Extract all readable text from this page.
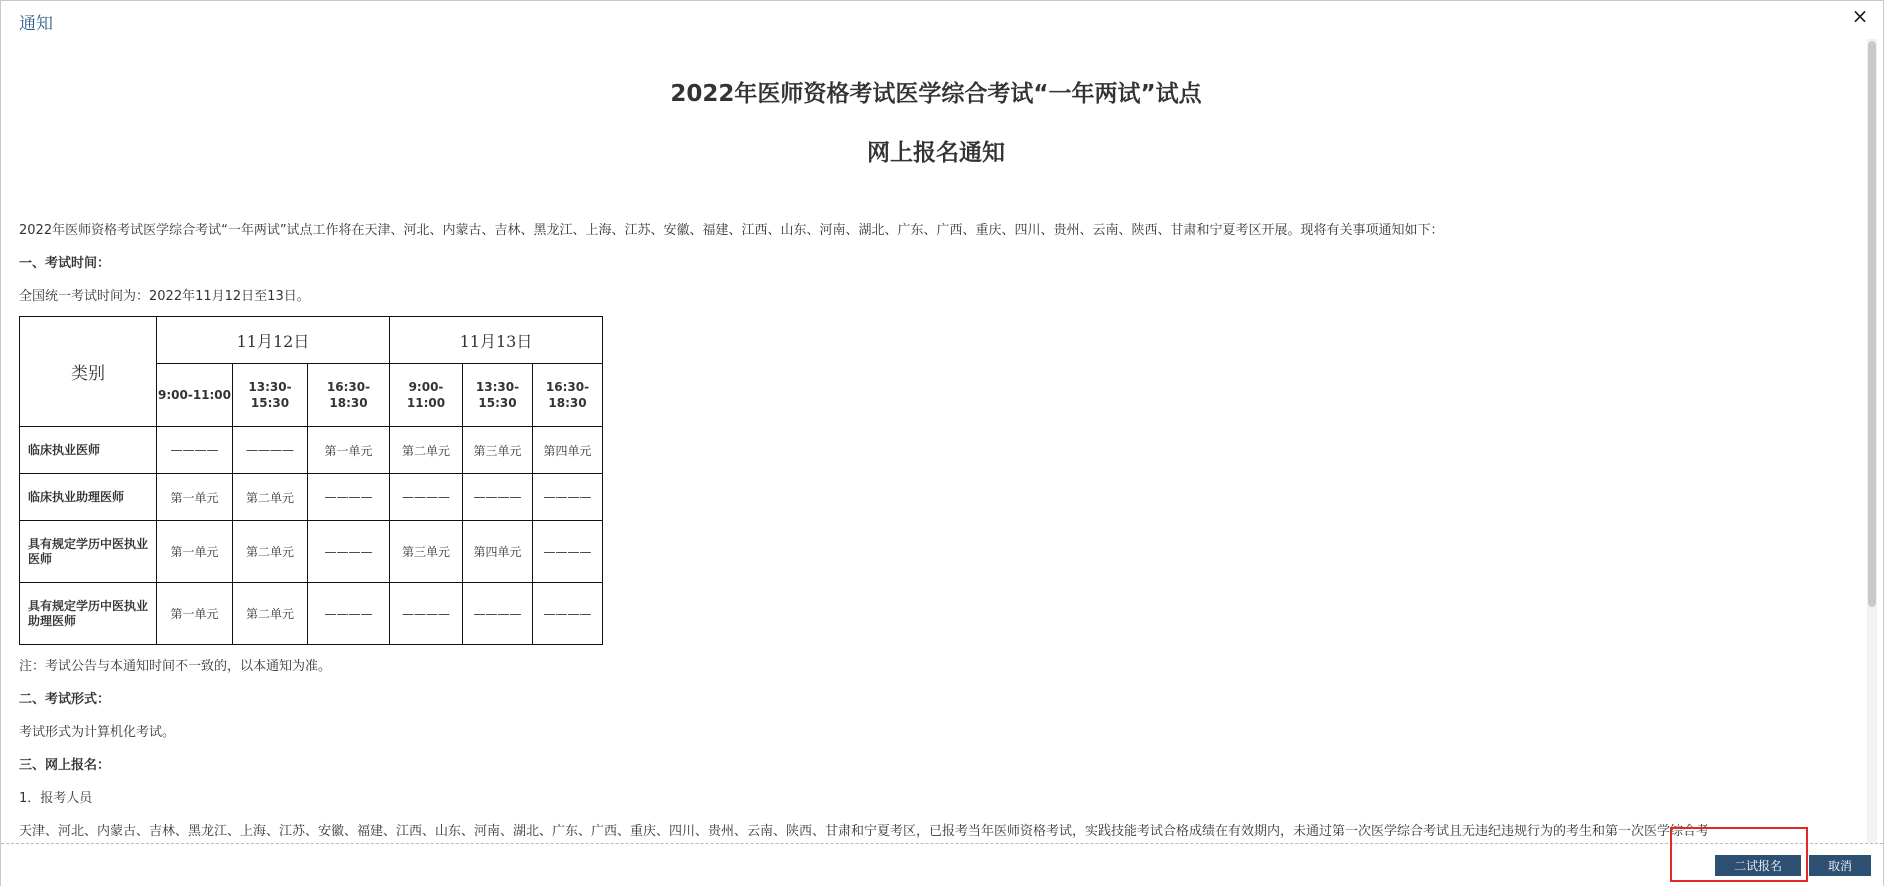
通知	×
2022年医师资格考试医学综合考试“一年两试”试点
网上报名通知

2022年医师资格考试医学综合考试“一年两试”试点工作将在天津、河北、内蒙古、吉林、黑龙江、上海、江苏、安徽、福建、江西、山东、河南、湖北、广东、广西、重庆、四川、贵州、云南、陕西、甘肃和宁夏考区开展。现将有关事项通知如下：

一、考试时间：

全国统一考试时间为：2022年11月12日至13日。

类别	11月12日			11月13日		
	9:00-11:00	13:30-
15:30	16:30-
18:30	9:00-
11:00	13:30-
15:30	16:30-
18:30
临床执业医师	————	————	第一单元	第二单元	第三单元	第四单元
临床执业助理医师	第一单元	第二单元	————	————	————	————
具有规定学历中医执业医师	第一单元	第二单元	————	第三单元	第四单元	————
具有规定学历中医执业助理医师	第一单元	第二单元	————	————	————	————

注：考试公告与本通知时间不一致的，以本通知为准。

二、考试形式：

考试形式为计算机化考试。

三、网上报名：

1．报考人员

天津、河北、内蒙古、吉林、黑龙江、上海、江苏、安徽、福建、江西、山东、河南、湖北、广东、广西、重庆、四川、贵州、云南、陕西、甘肃和宁夏考区，已报考当年医师资格考试，实践技能考试合格成绩在有效期内，未通过第一次医学综合考试且无违纪违规行为的考生和第一次医学综合考

二试报名	取消
